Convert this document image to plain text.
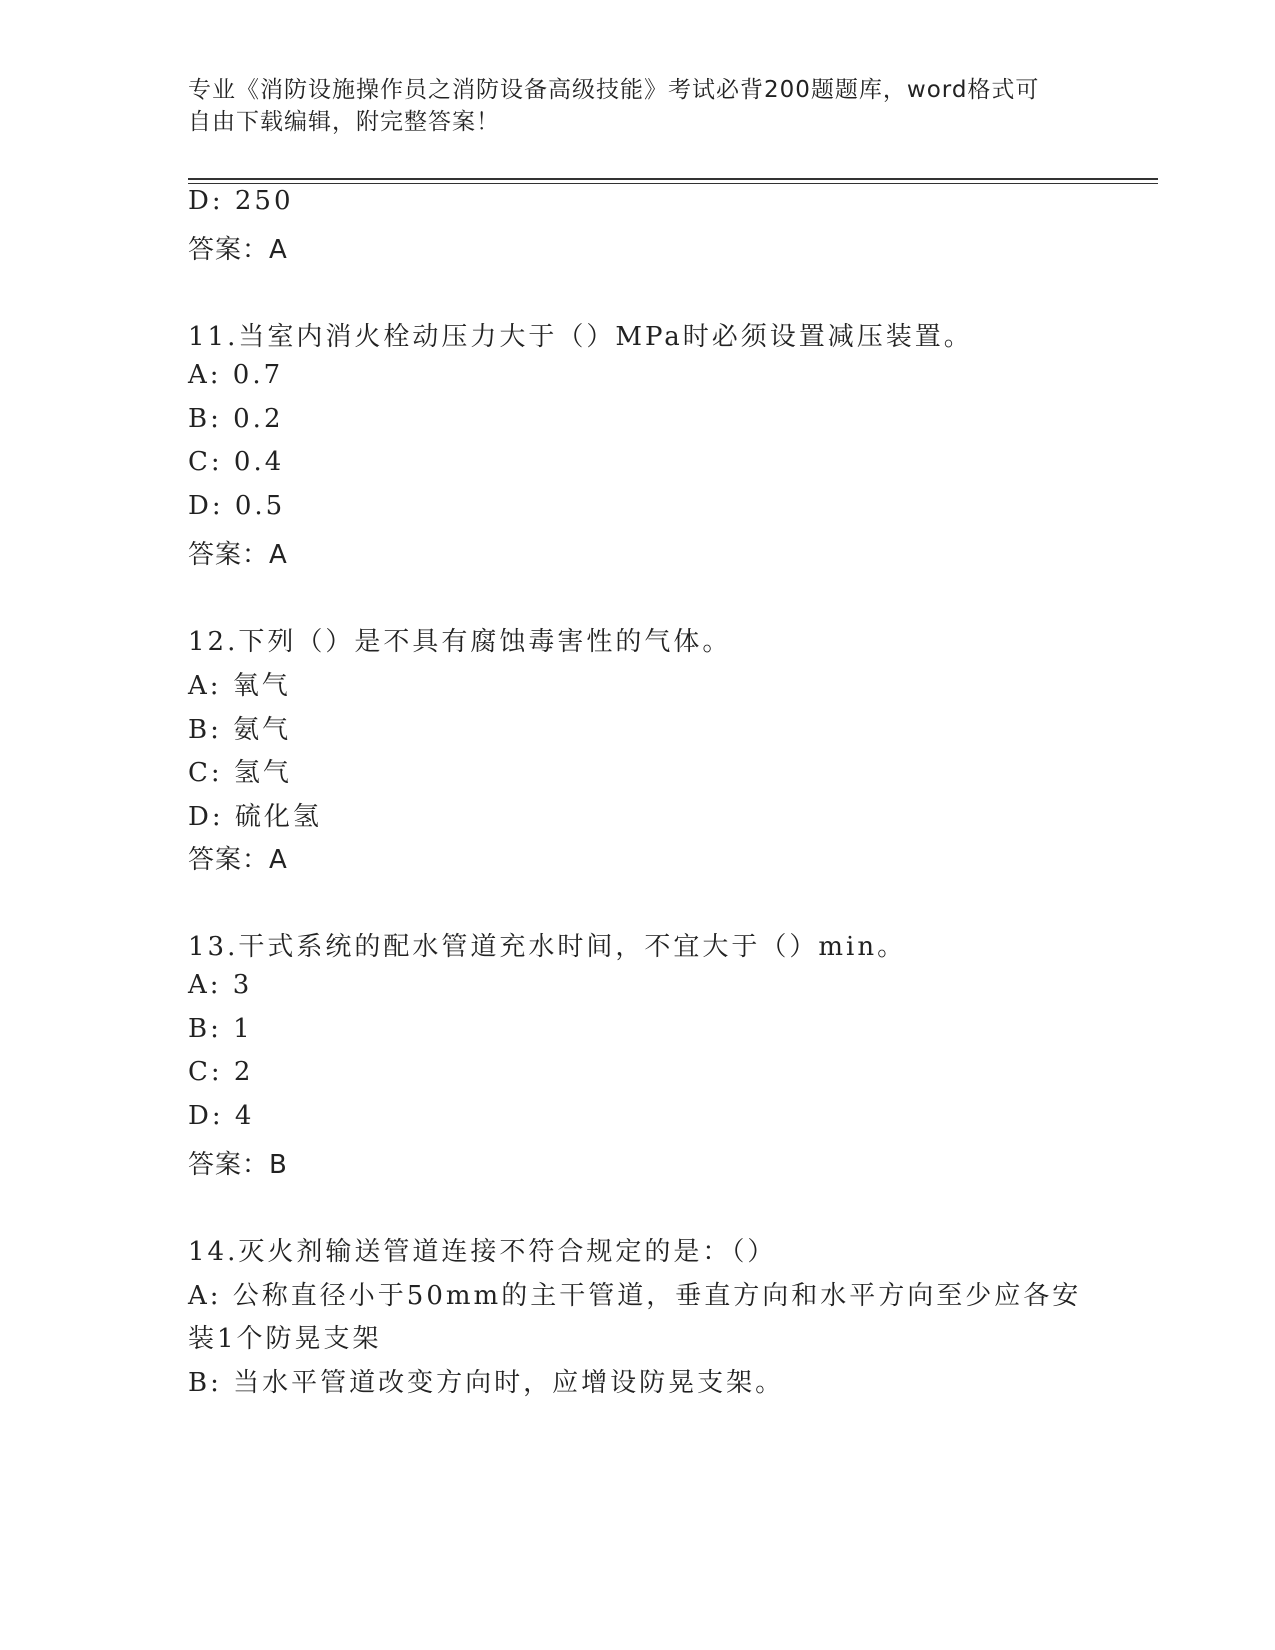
专业《消防设施操作员之消防设备高级技能》考试必背200题题库，word格式可
自由下载编辑，附完整答案！
D: 250
答案：A
11.当室内消火栓动压力大于（）MPa时必须设置减压装置。
A: 0.7
B: 0.2
C: 0.4
D: 0.5
答案：A
12.下列（）是不具有腐蚀毒害性的气体。
A: 氧气
B: 氨气
C: 氢气
D: 硫化氢
答案：A
13.干式系统的配水管道充水时间，不宜大于（）min。
A: 3
B: 1
C: 2
D: 4
答案：B
14.灭火剂输送管道连接不符合规定的是：（）
A: 公称直径小于50mm的主干管道，垂直方向和水平方向至少应各安
装1个防晃支架
B: 当水平管道改变方向时，应增设防晃支架。
